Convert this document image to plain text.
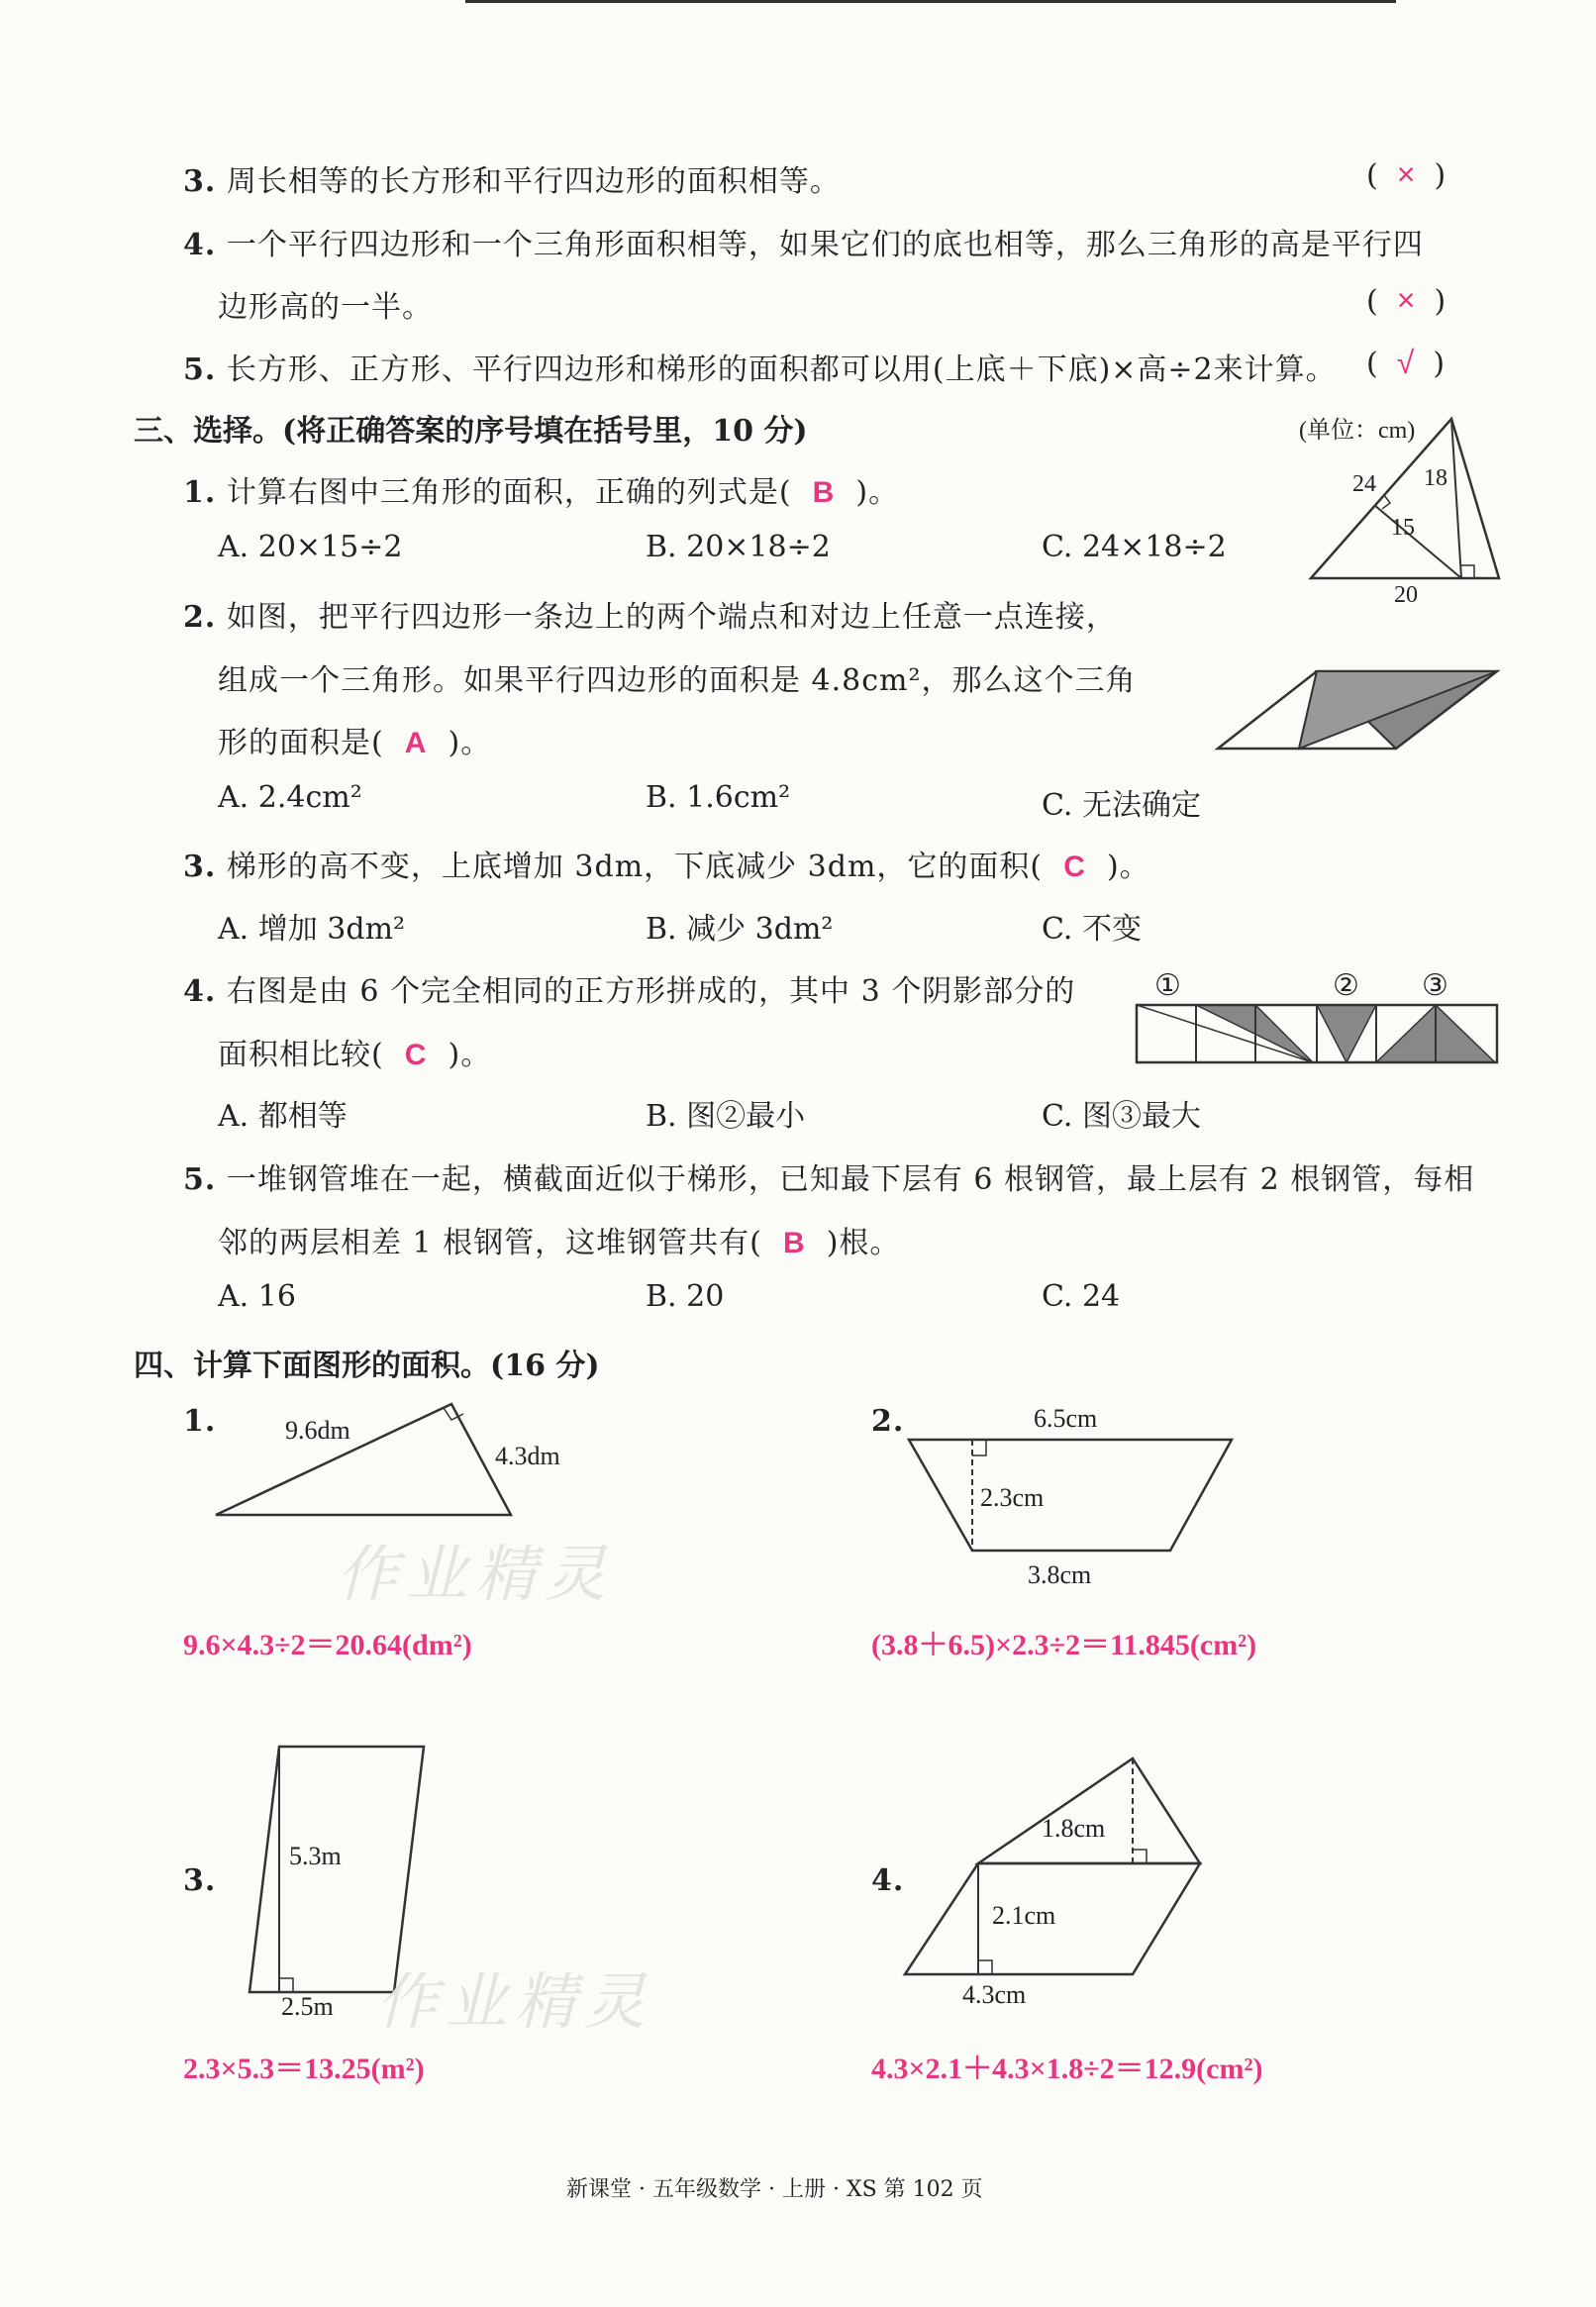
3. 周长相等的长方形和平行四边形的面积相等。	(  ×  )
4. 一个平行四边形和一个三角形面积相等，如果它们的底也相等，那么三角形的高是平行四
边形高的一半。	(  ×  )
5. 长方形、正方形、平行四边形和梯形的面积都可以用(上底＋下底)×高÷2来计算。 (  √  )
三、选择。(将正确答案的序号填在括号里，10 分)	(单位：cm)
1. 计算右图中三角形的面积，正确的列式是( B )。
A. 20×15÷2	B. 20×18÷2	C. 24×18÷2
24 18
15
20
2. 如图，把平行四边形一条边上的两个端点和对边上任意一点连接，
组成一个三角形。如果平行四边形的面积是 4.8cm²，那么这个三角
形的面积是( A )。
A. 2.4cm²	B. 1.6cm²	C. 无法确定
3. 梯形的高不变，上底增加 3dm，下底减少 3dm，它的面积( C )。
A. 增加 3dm²	B. 减少 3dm²	C. 不变
4. 右图是由 6 个完全相同的正方形拼成的，其中 3 个阴影部分的
面积相比较( C )。
A. 都相等	B. 图②最小	C. 图③最大
①	② ③
5. 一堆钢管堆在一起，横截面近似于梯形，已知最下层有 6 根钢管，最上层有 2 根钢管，每相
邻的两层相差 1 根钢管，这堆钢管共有( B )根。
A. 16	B. 20	C. 24
四、计算下面图形的面积。(16 分)
1.	9.6dm
4.3dm
9.6×4.3÷2＝20.64(dm²)
2.	6.5cm
2.3cm
3.8cm
(3.8＋6.5)×2.3÷2＝11.845(cm²)
3.
5.3m
2.5m
2.3×5.3＝13.25(m²)
4.
1.8cm
2.1cm
4.3cm
4.3×2.1＋4.3×1.8÷2＝12.9(cm²)
作业精灵
作业精灵
新课堂 · 五年级数学 · 上册 · XS 第 102 页
